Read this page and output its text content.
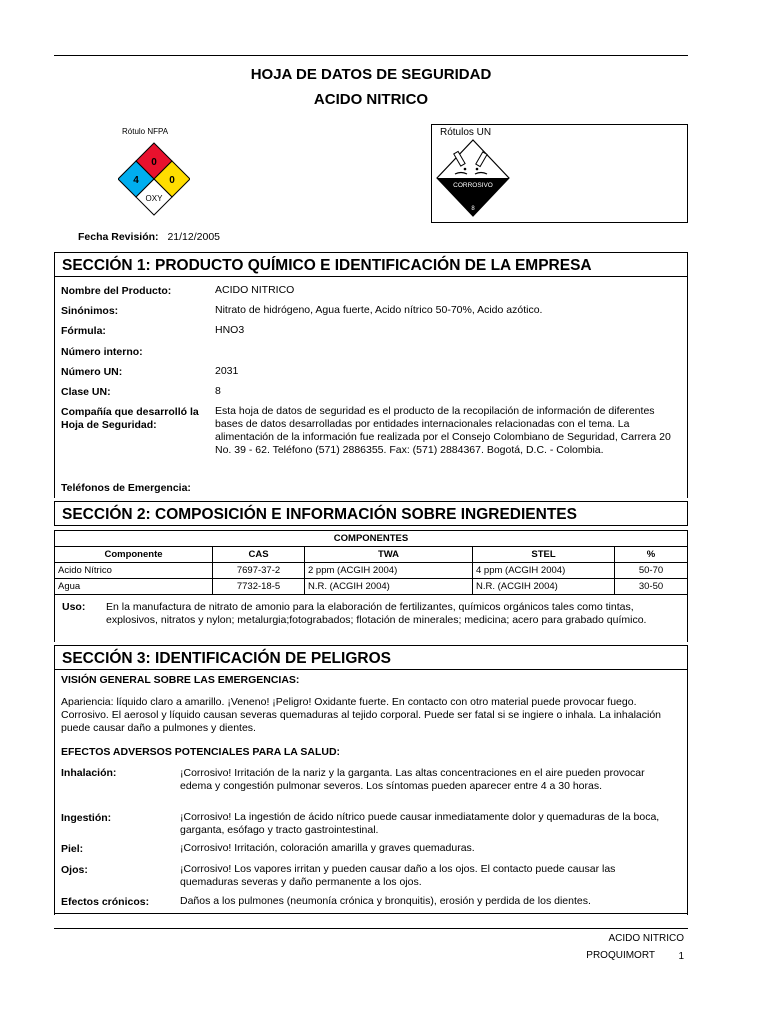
HOJA DE DATOS DE SEGURIDAD
ACIDO NITRICO
Rótulo NFPA
0
4	0
OXY
Rótulos UN
CORROSIVO
8
Fecha Revisión: 21/12/2005
SECCIÓN 1: PRODUCTO QUÍMICO E IDENTIFICACIÓN DE LA EMPRESA
Nombre del Producto:	ACIDO NITRICO
Sinónimos:	Nitrato de hidrógeno, Agua fuerte, Acido nítrico 50-70%, Acido azótico.
Fórmula:	HNO3
Número interno:
Número UN:	2031
Clase UN:	8
Compañía que desarrolló la Hoja de Seguridad:
Esta hoja de datos de seguridad es el producto de la recopilación de información de diferentes bases de datos desarrolladas por entidades internacionales relacionadas con el tema. La alimentación de la información fue realizada por el Consejo Colombiano de Seguridad, Carrera 20 No. 39 - 62. Teléfono (571) 2886355. Fax: (571) 2884367. Bogotá, D.C. - Colombia.
Teléfonos de Emergencia:
SECCIÓN 2: COMPOSICIÓN E INFORMACIÓN SOBRE INGREDIENTES
COMPONENTES				
Componente	CAS	TWA	STEL	%
Acido Nítrico	7697-37-2	2 ppm (ACGIH 2004)	4 ppm (ACGIH 2004)	50-70
Agua	7732-18-5	N.R. (ACGIH 2004)	N.R. (ACGIH 2004)	30-50
Uso: En la manufactura de nitrato de amonio para la elaboración de fertilizantes, químicos orgánicos tales como tintas, explosivos, nitratos y nylon; metalurgia;fotograbados; flotación de minerales; medicina; acero para grabado químico.
SECCIÓN 3: IDENTIFICACIÓN DE PELIGROS
VISIÓN GENERAL SOBRE LAS EMERGENCIAS:
Apariencia: líquido claro a amarillo. ¡Veneno! ¡Peligro! Oxidante fuerte. En contacto con otro material puede provocar fuego. Corrosivo. El aerosol y líquido causan severas quemaduras al tejido corporal. Puede ser fatal si se ingiere o inhala. La inhalación puede causar daño a pulmones y dientes.
EFECTOS ADVERSOS POTENCIALES PARA LA SALUD:
Inhalación:	¡Corrosivo! Irritación de la nariz y la garganta. Las altas concentraciones en el aire pueden provocar edema y congestión pulmonar severos. Los síntomas pueden aparecer entre 4 a 30 horas.
Ingestión:	¡Corrosivo! La ingestión de ácido nítrico puede causar inmediatamente dolor y quemaduras de la boca, garganta, esófago y tracto gastrointestinal.
Piel:	¡Corrosivo! Irritación, coloración amarilla y graves quemaduras.
Ojos:	¡Corrosivo! Los vapores irritan y pueden causar daño a los ojos. El contacto puede causar las quemaduras severas y daño permanente a los ojos.
Efectos crónicos:	Daños a los pulmones (neumonía crónica y bronquitis), erosión y perdida de los dientes.
ACIDO NITRICO
PROQUIMORT 1
